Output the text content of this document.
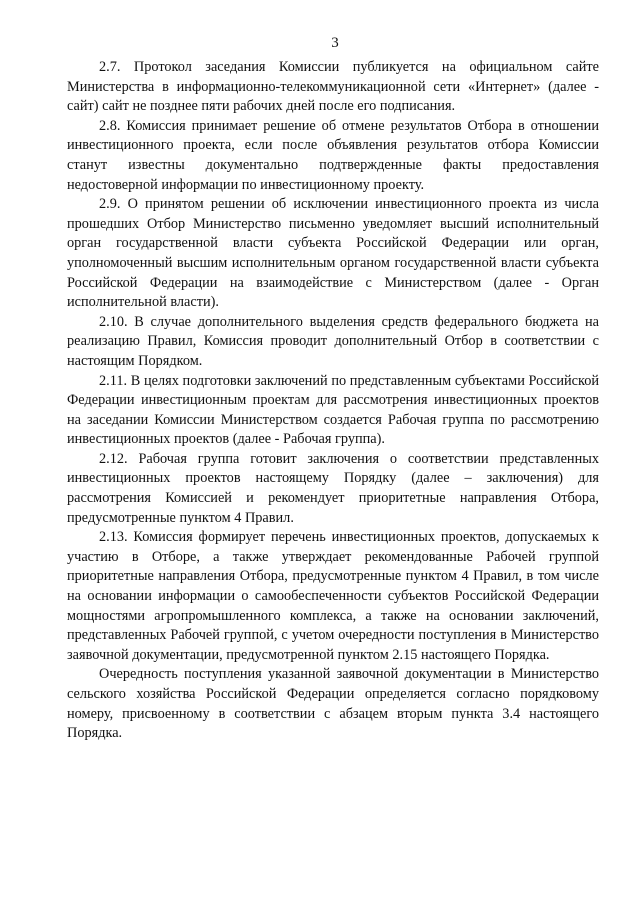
3

2.7. Протокол заседания Комиссии публикуется на официальном сайте Министерства в информационно-телекоммуникационной сети «Интернет» (далее - сайт) сайт не позднее пяти рабочих дней после его подписания.

2.8. Комиссия принимает решение об отмене результатов Отбора в отношении инвестиционного проекта, если после объявления результатов отбора Комиссии станут известны документально подтвержденные факты предоставления недостоверной информации по инвестиционному проекту.

2.9. О принятом решении об исключении инвестиционного проекта из числа прошедших Отбор Министерство письменно уведомляет высший исполнительный орган государственной власти субъекта Российской Федерации или орган, уполномоченный высшим исполнительным органом государственной власти субъекта Российской Федерации на взаимодействие с Министерством (далее - Орган исполнительной власти).

2.10. В случае дополнительного выделения средств федерального бюджета на реализацию Правил, Комиссия проводит дополнительный Отбор в соответствии с настоящим Порядком.

2.11. В целях подготовки заключений по представленным субъектами Российской Федерации инвестиционным проектам для рассмотрения инвестиционных проектов на заседании Комиссии Министерством создается Рабочая группа по рассмотрению инвестиционных проектов (далее - Рабочая группа).

2.12. Рабочая группа готовит заключения о соответствии представленных инвестиционных проектов настоящему Порядку (далее – заключения) для рассмотрения Комиссией и рекомендует приоритетные направления Отбора, предусмотренные пунктом 4 Правил.

2.13. Комиссия формирует перечень инвестиционных проектов, допускаемых к участию в Отборе, а также утверждает рекомендованные Рабочей группой приоритетные направления Отбора, предусмотренные пунктом 4 Правил, в том числе на основании информации о самообеспеченности субъектов Российской Федерации мощностями агропромышленного комплекса, а также на основании заключений, представленных Рабочей группой, с учетом очередности поступления в Министерство заявочной документации, предусмотренной пунктом 2.15 настоящего Порядка.

Очередность поступления указанной заявочной документации в Министерство сельского хозяйства Российской Федерации определяется согласно порядковому номеру, присвоенному в соответствии с абзацем вторым пункта 3.4 настоящего Порядка.
